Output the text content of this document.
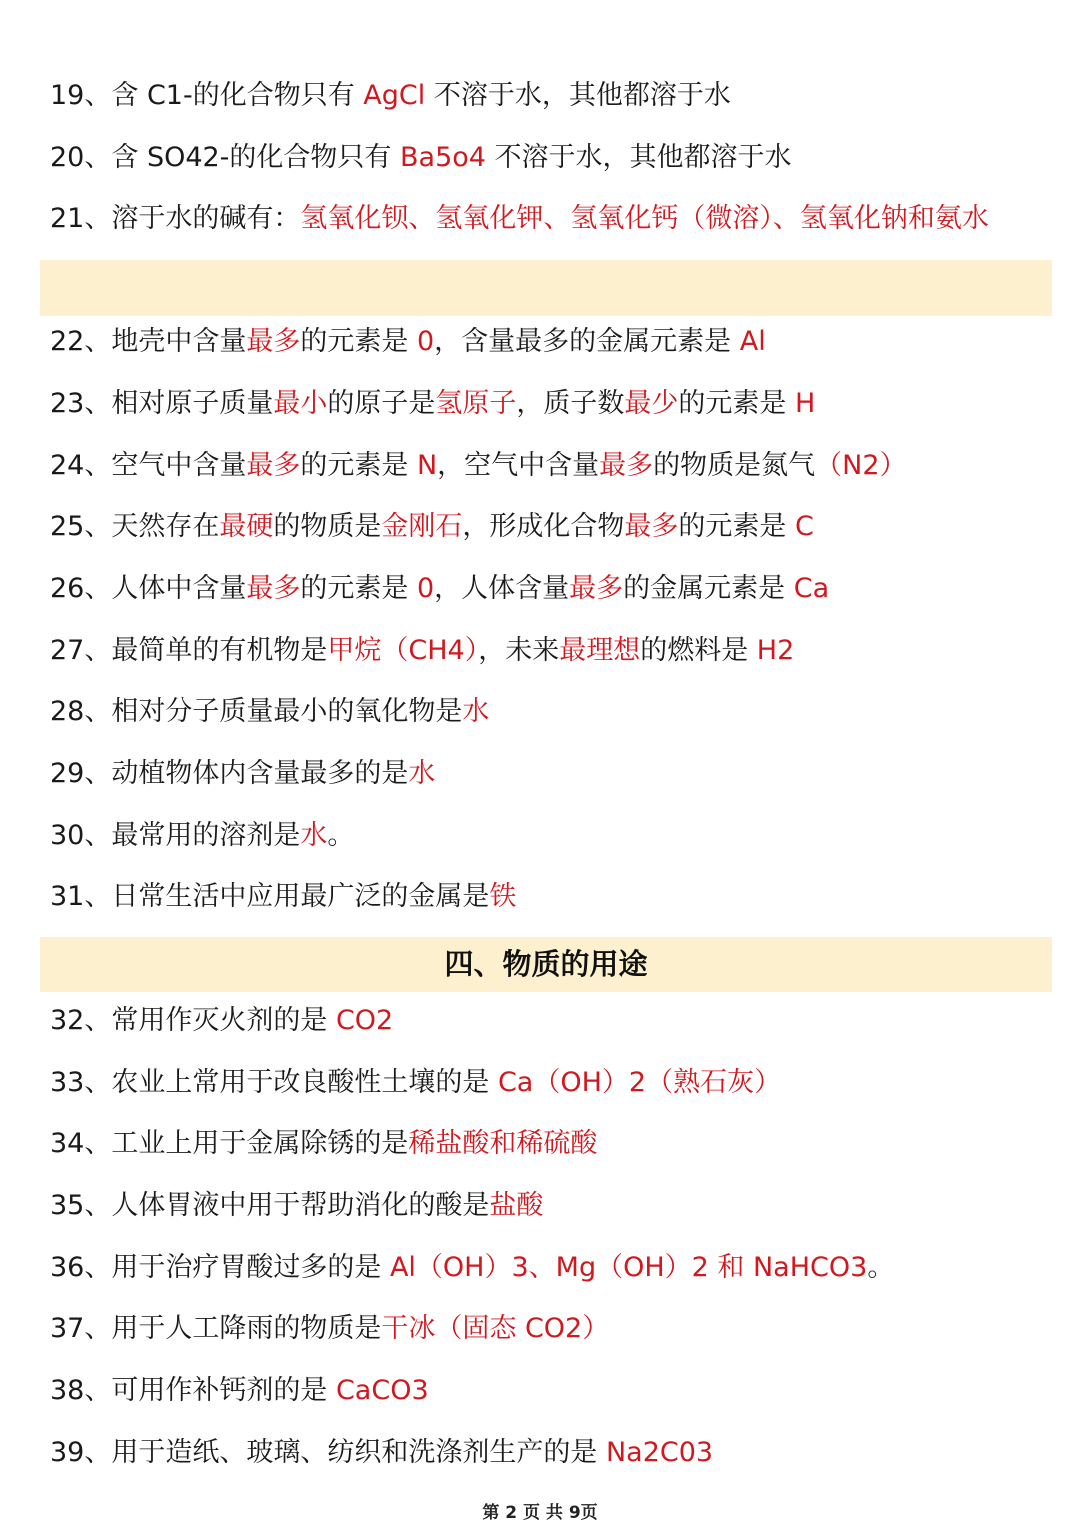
四、物质的用途
19、含 C1-的化合物只有 AgCl 不溶于水，其他都溶于水
20、含 SO42-的化合物只有 Ba5o4 不溶于水，其他都溶于水
21、溶于水的碱有：氢氧化钡、氢氧化钾、氢氧化钙（微溶）、氢氧化钠和氨水
22、地壳中含量最多的元素是 0，含量最多的金属元素是 Al
23、相对原子质量最小的原子是氢原子，质子数最少的元素是 H
24、空气中含量最多的元素是 N，空气中含量最多的物质是氮气（N2）
25、天然存在最硬的物质是金刚石，形成化合物最多的元素是 C
26、人体中含量最多的元素是 0，人体含量最多的金属元素是 Ca
27、最简单的有机物是甲烷（CH4），未来最理想的燃料是 H2
28、相对分子质量最小的氧化物是水
29、动植物体内含量最多的是水
30、最常用的溶剂是水。
31、日常生活中应用最广泛的金属是铁
32、常用作灭火剂的是 CO2
33、农业上常用于改良酸性土壤的是 Ca（OH）2（熟石灰）
34、工业上用于金属除锈的是稀盐酸和稀硫酸
35、人体胃液中用于帮助消化的酸是盐酸
36、用于治疗胃酸过多的是 Al（OH）3、Mg（OH）2 和 NaHCO3。
37、用于人工降雨的物质是干冰（固态 CO2）
38、可用作补钙剂的是 CaCO3
39、用于造纸、玻璃、纺织和洗涤剂生产的是 Na2C03
第 2 页 共 9页
